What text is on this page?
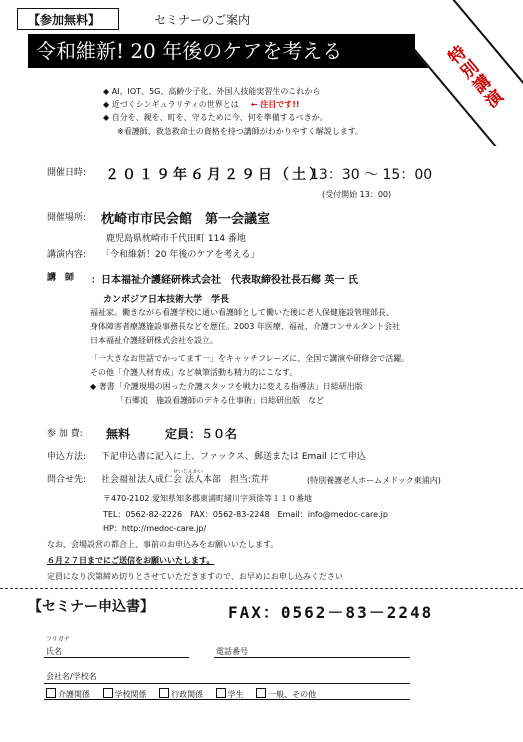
【参加無料】	セミナーのご案内
令和維新! 20 年後のケアを考える	特別講演
◆ AI、IOT、5G、高齢少子化、外国人技能実習生のこれから
◆ 近づくシンギュラリティの世界とは ← 注目です!!
◆ 自分を、親を、町を、守るために今、何を準備するべきか。
※看護師、救急救命士の資格を持つ講師がわかりやすく解説します。
開催日時: ２０１９年６月２９日（土）
13：30 ～ 15：00
(受付開始 13：00)
開催場所: 枕崎市市民会館　第一会議室
鹿児島県枕崎市千代田町 114 番地
講演内容: 「令和維新！20 年後のケアを考える」
講　師 ：日本福祉介護経研株式会社　代表取締役社長石郷 英一 氏
カンボジア日本技術大学　学長
福祉家。働きながら看護学校に通い看護師として働いた後に老人保健施設管理部長、
身体障害者療護施設事務長などを歴任。2003 年医療、福祉、介護コンサルタント会社
日本福祉介護経研株式会社を設立。
「一大きなお世話でかってます一」をキャッチフレーズに、全国で講演や研修会で活躍。
その他「介護人材育成」など執筆活動も精力的にこなす。
◆ 著書「介護現場の困った介護スタッフを戦力に変える指導法」日総研出版
「石郷流　施設看護師のデキる仕事術」日総研出版　など
参 加 費: 無料	定員：５０名
申込方法: 下記申込書に記入に上、ファックス、郵送または Email にて申込
せいじんかい
問合せ先: 社会福祉法人成仁会 法人本部　担当:荒井	(特別養護老人ホームメドック東浦内)
〒470-2102 愛知県知多郡東浦町緒川字須徐等１１０番地
TEL：0562-82-2226　FAX：0562-83-2248　Email：info@medoc-care.jp
HP：http://medoc-care.jp/
なお、会場設営の都合上、事前のお申込みをお願いいたします。
６月２７日までにご送信をお願いいたします。
定員になり次第締め切りとさせていただきますので、お早めにお申し込みください
【セミナー申込書】	FAX：0562－83－2248
フリガナ
氏名	電話番号
会社名/学校名
介護関係	学校関係	行政関係	学生	一般、その他
